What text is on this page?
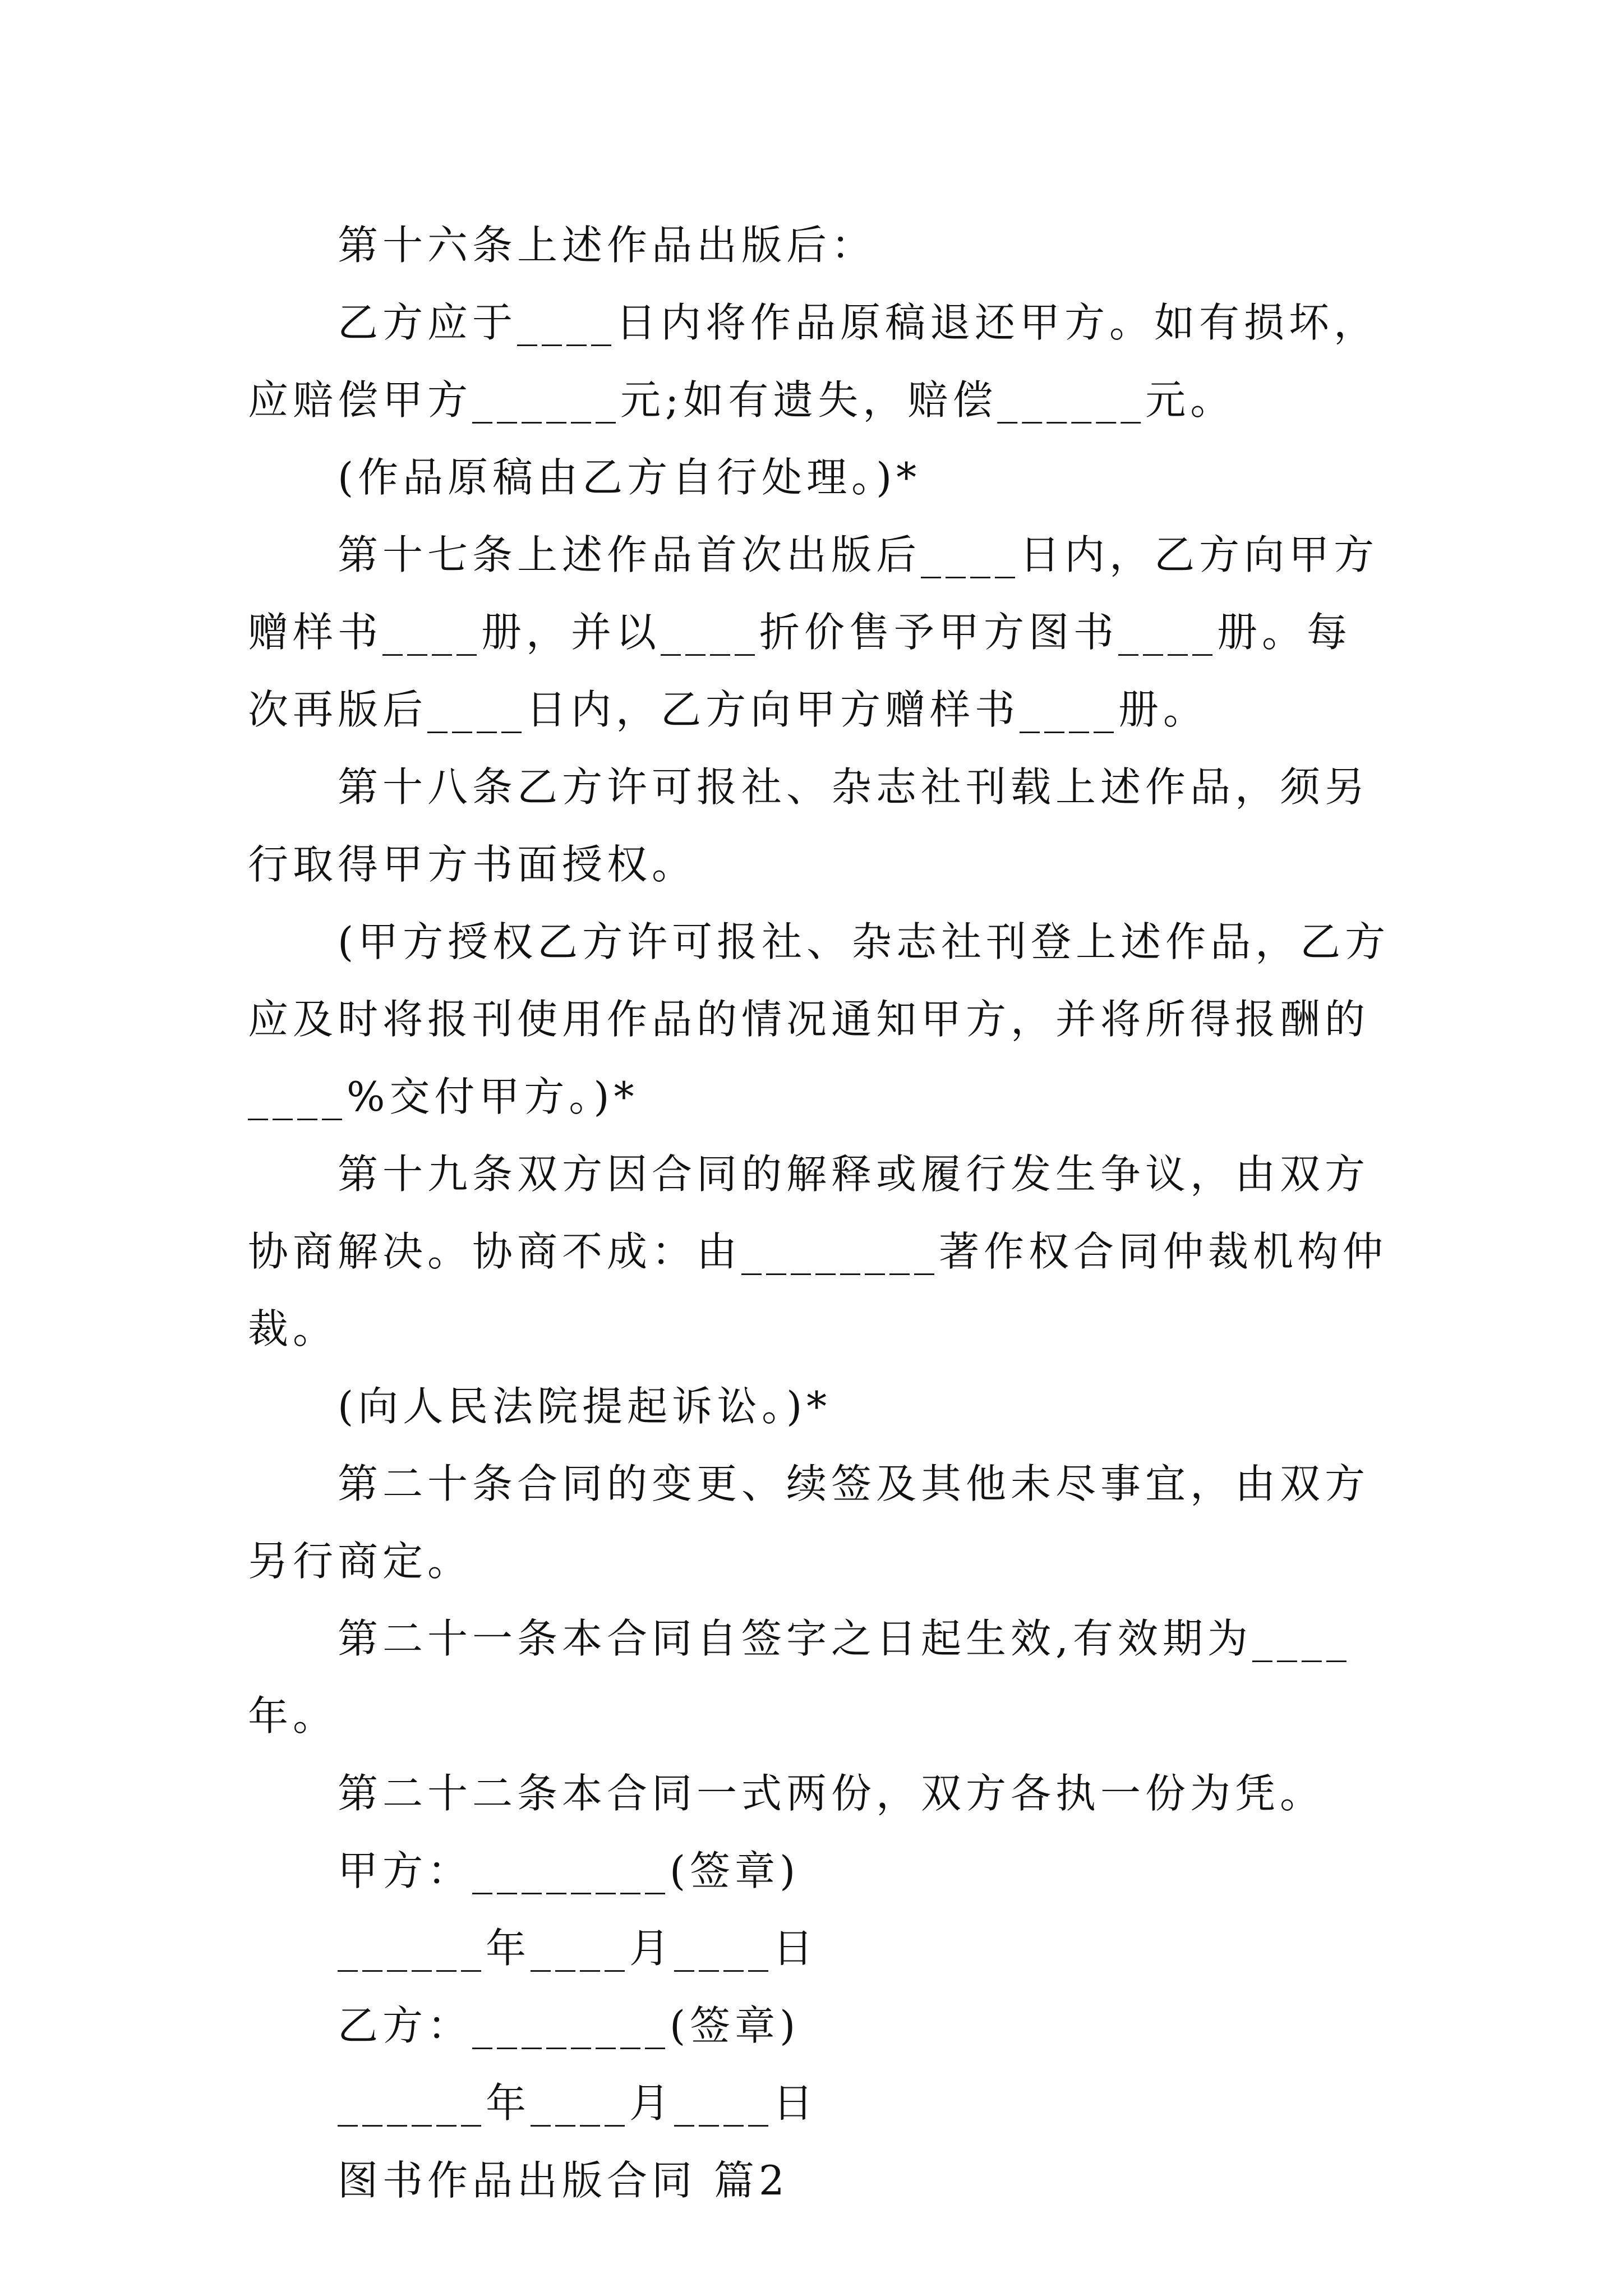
第十六条上述作品出版后：

乙方应于____日内将作品原稿退还甲方。如有损坏，应赔偿甲方______元;如有遗失，赔偿______元。

(作品原稿由乙方自行处理。)*

第十七条上述作品首次出版后____日内，乙方向甲方赠样书____册，并以____折价售予甲方图书____册。每次再版后____日内，乙方向甲方赠样书____册。

第十八条乙方许可报社、杂志社刊载上述作品，须另行取得甲方书面授权。

(甲方授权乙方许可报社、杂志社刊登上述作品，乙方应及时将报刊使用作品的情况通知甲方，并将所得报酬的____%交付甲方。)*

第十九条双方因合同的解释或履行发生争议，由双方协商解决。协商不成：由________著作权合同仲裁机构仲裁。

(向人民法院提起诉讼。)*

第二十条合同的变更、续签及其他未尽事宜，由双方另行商定。

第二十一条本合同自签字之日起生效,有效期为____年。

第二十二条本合同一式两份，双方各执一份为凭。

甲方：________(签章)

______年____月____日

乙方：________(签章)

______年____月____日

图书作品出版合同 篇2
